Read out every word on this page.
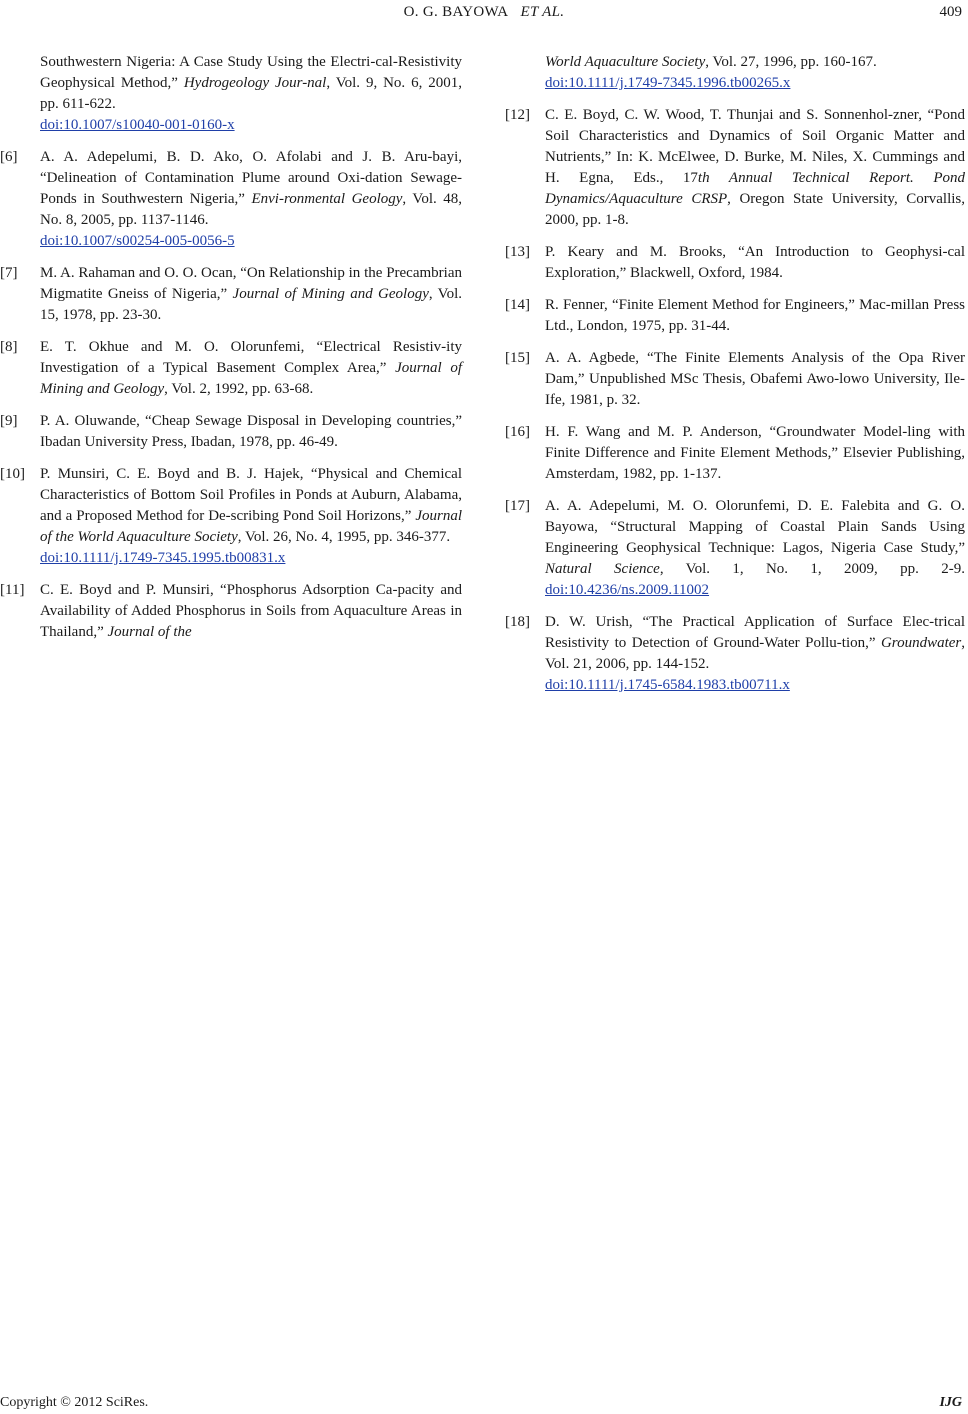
O. G. BAYOWA ET AL.	409
Southwestern Nigeria: A Case Study Using the Electri-cal-Resistivity Geophysical Method,” Hydrogeology Jour-nal, Vol. 9, No. 6, 2001, pp. 611-622.
doi:10.1007/s10040-001-0160-x
[6] A. A. Adepelumi, B. D. Ako, O. Afolabi and J. B. Aru-bayi, “Delineation of Contamination Plume around Oxi-dation Sewage-Ponds in Southwestern Nigeria,” Envi-ronmental Geology, Vol. 48, No. 8, 2005, pp. 1137-1146.
doi:10.1007/s00254-005-0056-5
[7] M. A. Rahaman and O. O. Ocan, “On Relationship in the Precambrian Migmatite Gneiss of Nigeria,” Journal of Mining and Geology, Vol. 15, 1978, pp. 23-30.
[8] E. T. Okhue and M. O. Olorunfemi, “Electrical Resistiv-ity Investigation of a Typical Basement Complex Area,” Journal of Mining and Geology, Vol. 2, 1992, pp. 63-68.
[9] P. A. Oluwande, “Cheap Sewage Disposal in Developing countries,” Ibadan University Press, Ibadan, 1978, pp. 46-49.
[10] P. Munsiri, C. E. Boyd and B. J. Hajek, “Physical and Chemical Characteristics of Bottom Soil Profiles in Ponds at Auburn, Alabama, and a Proposed Method for De-scribing Pond Soil Horizons,” Journal of the World Aquaculture Society, Vol. 26, No. 4, 1995, pp. 346-377.
doi:10.1111/j.1749-7345.1995.tb00831.x
[11] C. E. Boyd and P. Munsiri, “Phosphorus Adsorption Ca-pacity and Availability of Added Phosphorus in Soils from Aquaculture Areas in Thailand,” Journal of the
World Aquaculture Society, Vol. 27, 1996, pp. 160-167.
doi:10.1111/j.1749-7345.1996.tb00265.x
[12] C. E. Boyd, C. W. Wood, T. Thunjai and S. Sonnenhol-zner, “Pond Soil Characteristics and Dynamics of Soil Organic Matter and Nutrients,” In: K. McElwee, D. Burke, M. Niles, X. Cummings and H. Egna, Eds., 17th Annual Technical Report. Pond Dynamics/Aquaculture CRSP, Oregon State University, Corvallis, 2000, pp. 1-8.
[13] P. Keary and M. Brooks, “An Introduction to Geophysi-cal Exploration,” Blackwell, Oxford, 1984.
[14] R. Fenner, “Finite Element Method for Engineers,” Mac-millan Press Ltd., London, 1975, pp. 31-44.
[15] A. A. Agbede, “The Finite Elements Analysis of the Opa River Dam,” Unpublished MSc Thesis, Obafemi Awo-lowo University, Ile-Ife, 1981, p. 32.
[16] H. F. Wang and M. P. Anderson, “Groundwater Model-ling with Finite Difference and Finite Element Methods,” Elsevier Publishing, Amsterdam, 1982, pp. 1-137.
[17] A. A. Adepelumi, M. O. Olorunfemi, D. E. Falebita and G. O. Bayowa, “Structural Mapping of Coastal Plain Sands Using Engineering Geophysical Technique: Lagos, Nigeria Case Study,” Natural Science, Vol. 1, No. 1, 2009, pp. 2-9. doi:10.4236/ns.2009.11002
[18] D. W. Urish, “The Practical Application of Surface Elec-trical Resistivity to Detection of Ground-Water Pollu-tion,” Groundwater, Vol. 21, 2006, pp. 144-152.
doi:10.1111/j.1745-6584.1983.tb00711.x
Copyright © 2012 SciRes.	IJG
